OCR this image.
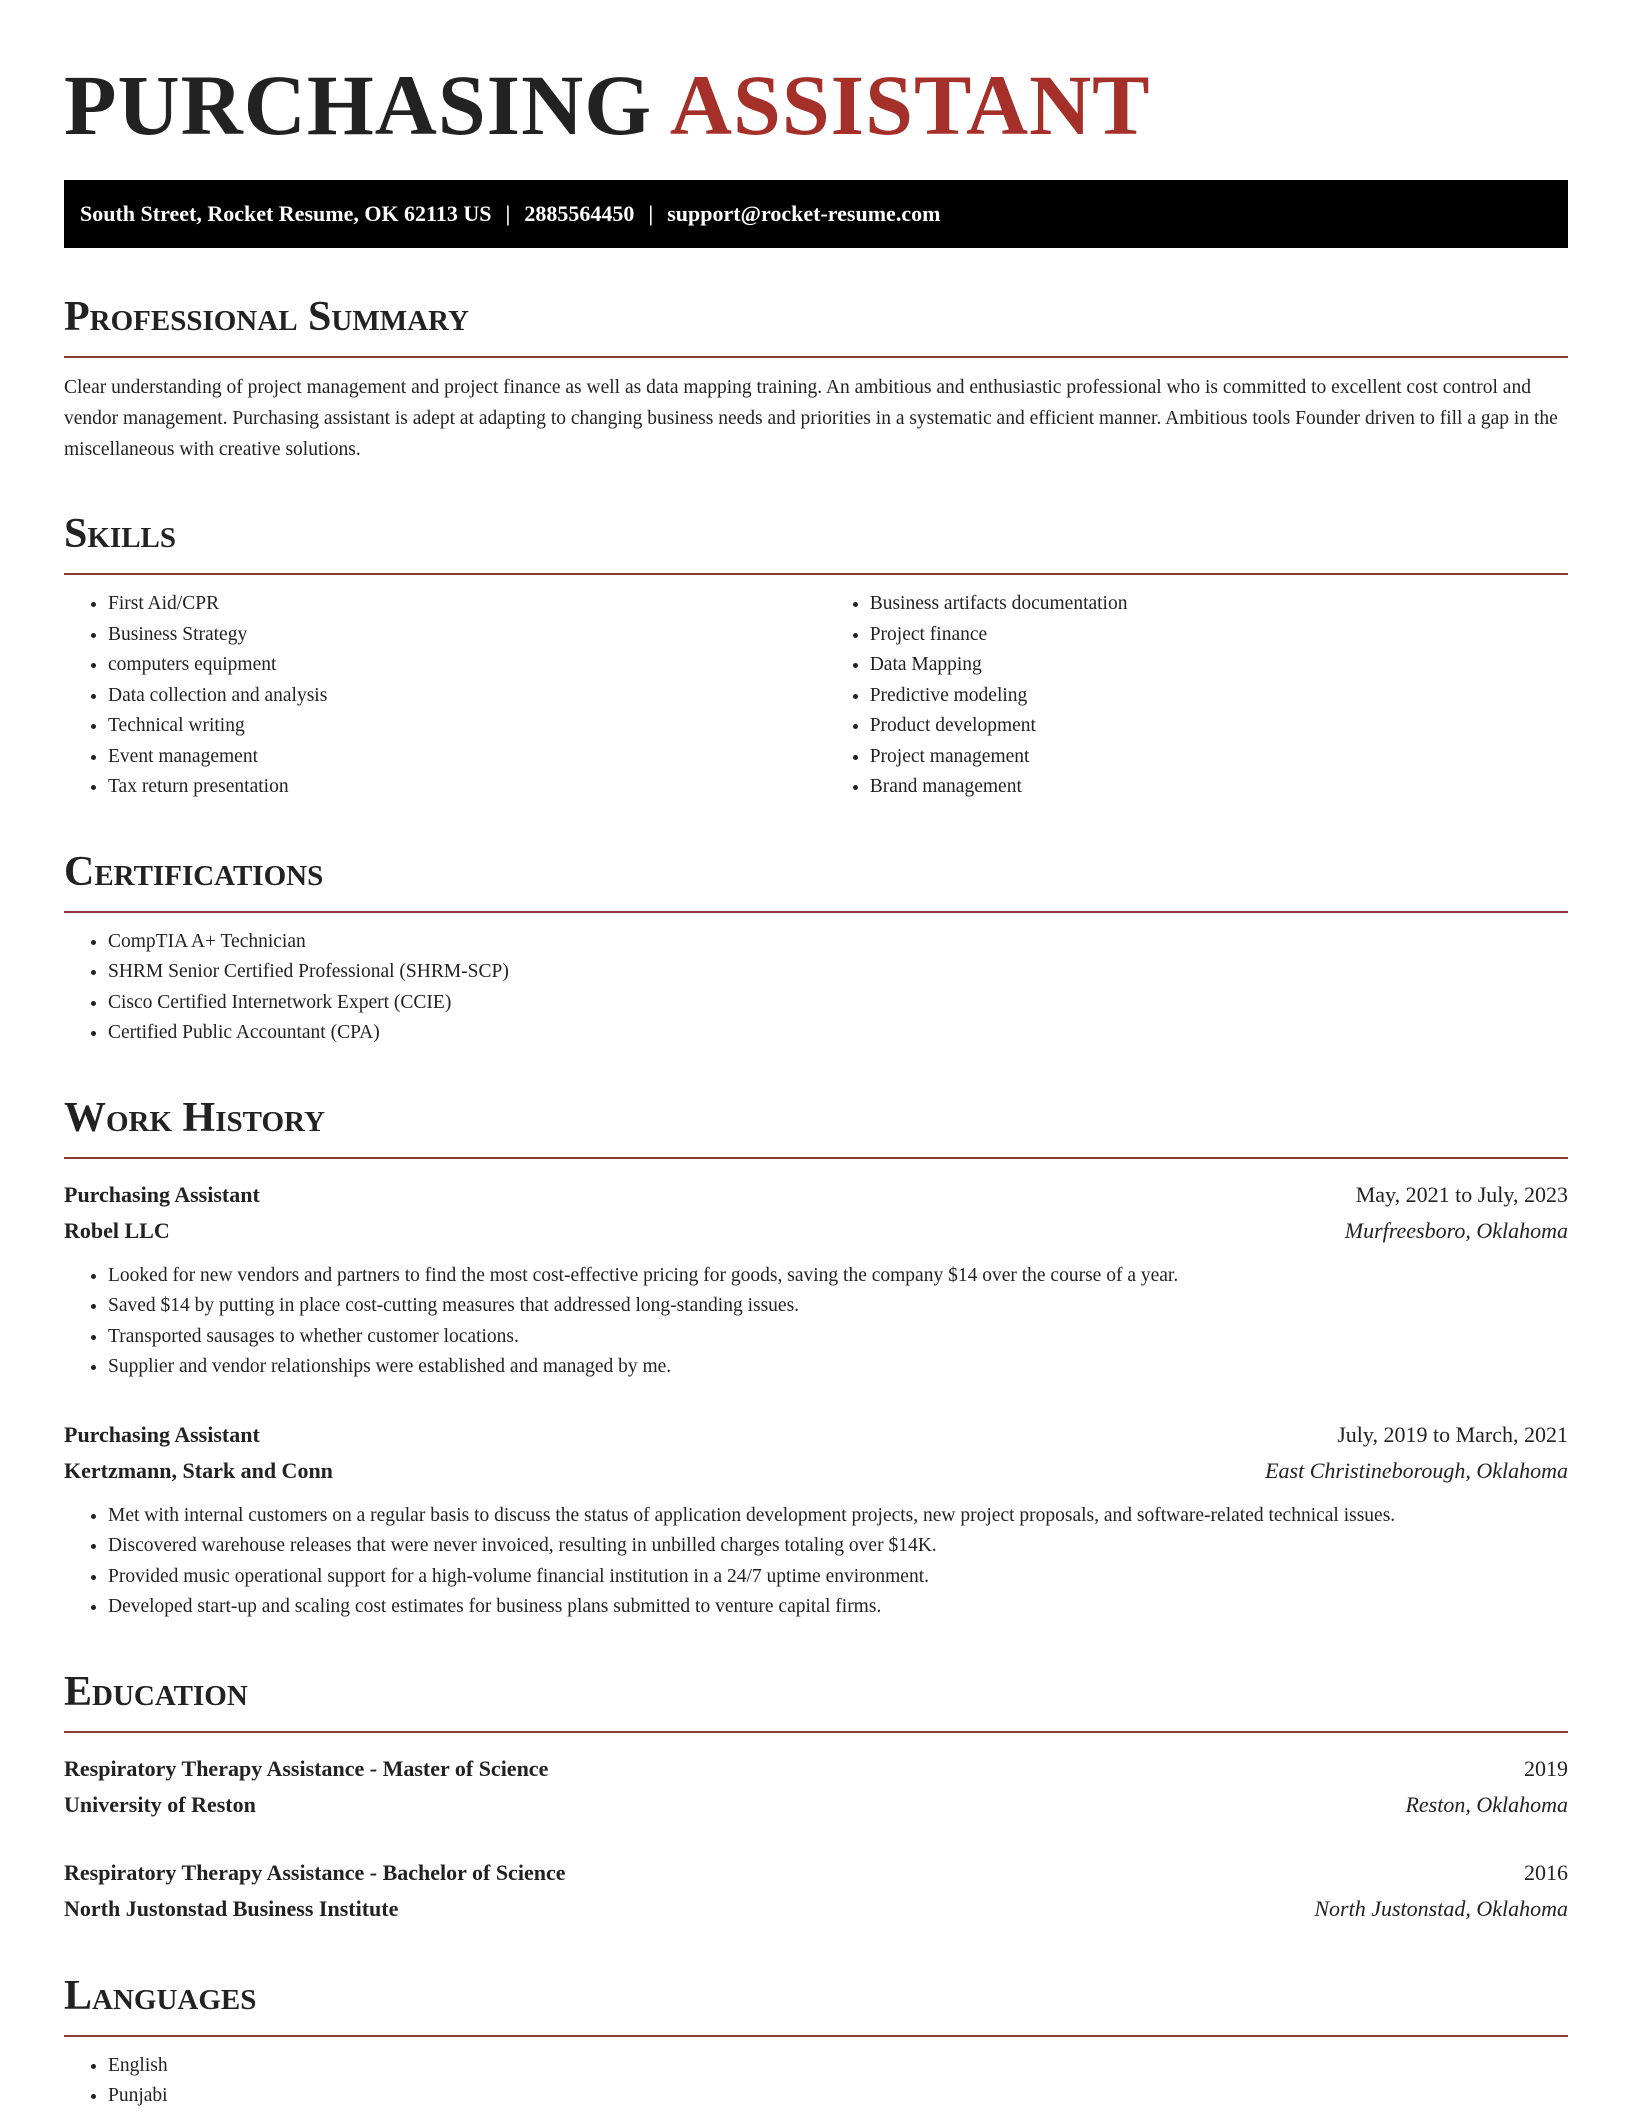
PURCHASING ASSISTANT
South Street, Rocket Resume, OK 62113 US | 2885564450 | support@rocket-resume.com
Professional Summary

Clear understanding of project management and project finance as well as data mapping training. An ambitious and enthusiastic professional who is committed to excellent cost control and vendor management. Purchasing assistant is adept at adapting to changing business needs and priorities in a systematic and efficient manner. Ambitious tools Founder driven to fill a gap in the miscellaneous with creative solutions.

Skills
• First Aid/CPR
• Business Strategy
• computers equipment
• Data collection and analysis
• Technical writing
• Event management
• Tax return presentation
• Business artifacts documentation
• Project finance
• Data Mapping
• Predictive modeling
• Product development
• Project management
• Brand management
Certifications
• CompTIA A+ Technician
• SHRM Senior Certified Professional (SHRM-SCP)
• Cisco Certified Internetwork Expert (CCIE)
• Certified Public Accountant (CPA)
Work History
Purchasing Assistant	May, 2021 to July, 2023
Robel LLC	Murfreesboro, Oklahoma
• Looked for new vendors and partners to find the most cost-effective pricing for goods, saving the company $14 over the course of a year.
• Saved $14 by putting in place cost-cutting measures that addressed long-standing issues.
• Transported sausages to whether customer locations.
• Supplier and vendor relationships were established and managed by me.
Purchasing Assistant	July, 2019 to March, 2021
Kertzmann, Stark and Conn	East Christineborough, Oklahoma
• Met with internal customers on a regular basis to discuss the status of application development projects, new project proposals, and software-related technical issues.
• Discovered warehouse releases that were never invoiced, resulting in unbilled charges totaling over $14K.
• Provided music operational support for a high-volume financial institution in a 24/7 uptime environment.
• Developed start-up and scaling cost estimates for business plans submitted to venture capital firms.
Education
Respiratory Therapy Assistance - Master of Science	2019
University of Reston	Reston, Oklahoma
Respiratory Therapy Assistance - Bachelor of Science	2016
North Justonstad Business Institute	North Justonstad, Oklahoma
Languages
• English
• Punjabi
